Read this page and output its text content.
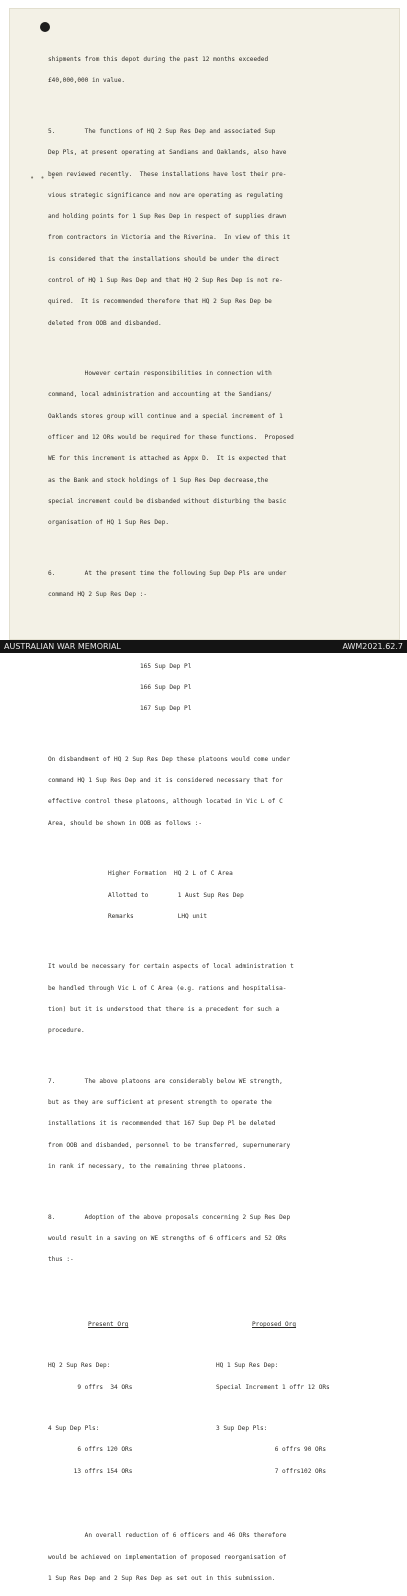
• • •

shipments from this depot during the past 12 months exceeded

£40,000,000 in value.

5.        The functions of HQ 2 Sup Res Dep and associated Sup

Dep Pls, at present operating at Sandians and Oaklands, also have

been reviewed recently.  These installations have lost their pre-

vious strategic significance and now are operating as regulating

and holding points for 1 Sup Res Dep in respect of supplies drawn

from contractors in Victoria and the Riverina.  In view of this it

is considered that the installations should be under the direct

control of HQ 1 Sup Res Dep and that HQ 2 Sup Res Dep is not re-

quired.  It is recommended therefore that HQ 2 Sup Res Dep be

deleted from OOB and disbanded.

However certain responsibilities in connection with

command, local administration and accounting at the Sandians/

Oaklands stores group will continue and a special increment of 1

officer and 12 ORs would be required for these functions.  Proposed

WE for this increment is attached as Appx D.  It is expected that

as the Bank and stock holdings of 1 Sup Res Dep decrease,the

special increment could be disbanded without disturbing the basic

organisation of HQ 1 Sup Res Dep.

6.        At the present time the following Sup Dep Pls are under

command HQ 2 Sup Res Dep :-

165 Sup Dep Pl

166 Sup Dep Pl

167 Sup Dep Pl

On disbandment of HQ 2 Sup Res Dep these platoons would come under

command HQ 1 Sup Res Dep and it is considered necessary that for

effective control these platoons, although located in Vic L of C

Area, should be shown in OOB as follows :-

Higher Formation  HQ 2 L of C Area

Allotted to        1 Aust Sup Res Dep

Remarks            LHQ unit

It would be necessary for certain aspects of local administration t

be handled through Vic L of C Area (e.g. rations and hospitalisa-

tion) but it is understood that there is a precedent for such a

procedure.

7.        The above platoons are considerably below WE strength,

but as they are sufficient at present strength to operate the

installations it is recommended that 167 Sup Dep Pl be deleted

from OOB and disbanded, personnel to be transferred, supernumerary

in rank if necessary, to the remaining three platoons.

8.        Adoption of the above proposals concerning 2 Sup Res Dep

would result in a saving on WE strengths of 6 officers and 52 ORs

thus :-

Present Org

HQ 2 Sup Res Dep:

9 offrs  34 ORs

4 Sup Dep Pls:

6 offrs 120 ORs

13 offrs 154 ORs

Proposed Org

HQ 1 Sup Res Dep:

Special Increment 1 offr 12 ORs

3 Sup Dep Pls:

6 offrs 90 ORs

7 offrs102 ORs

An overall reduction of 6 officers and 46 ORs therefore

would be achieved on implementation of proposed reorganisation of

1 Sup Res Dep and 2 Sup Res Dep as set out in this submission.

AUSTRALIAN WAR MEMORIAL	AWM2021.62.7
